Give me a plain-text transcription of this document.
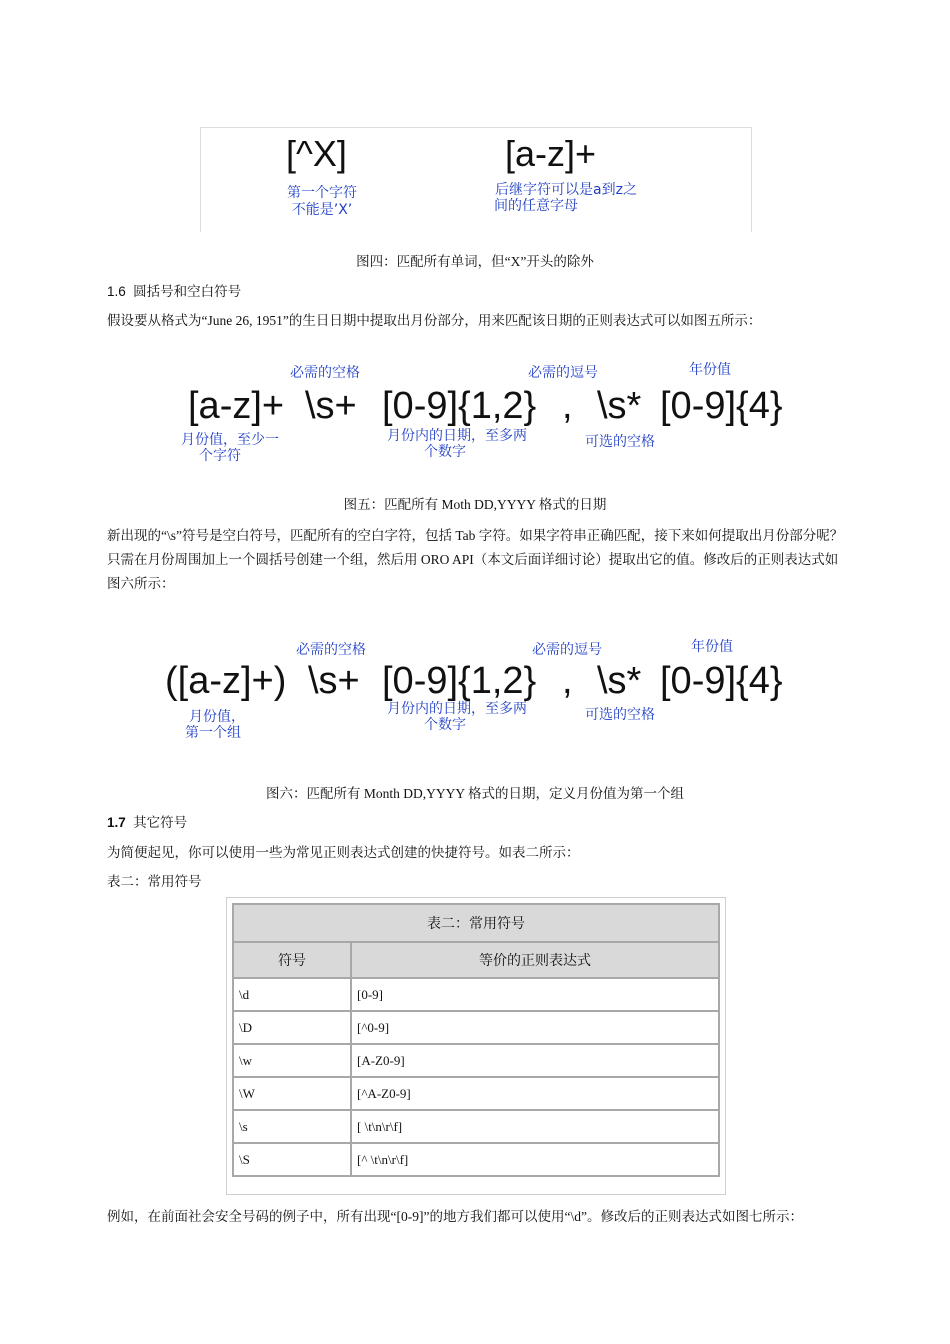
[^X]	[a-z]+
第一个字符
不能是’X’
后继字符可以是a到z之
间的任意字母
图四：匹配所有单词，但“X”开头的除外
1.6 圆括号和空白符号
假设要从格式为“June 26, 1951”的生日日期中提取出月份部分，用来匹配该日期的正则表达式可以如图五所示：
必需的空格	必需的逗号	年份值
[a-z]+ \s+ [0-9]{1,2} , \s* [0-9]{4}
月份值，至少一
个字符
月份内的日期，至多两
个数字
可选的空格
图五：匹配所有 Moth DD,YYYY 格式的日期
新出现的“\s”符号是空白符号，匹配所有的空白字符，包括 Tab 字符。如果字符串正确匹配，接下来如何提取出月份部分呢？只需在月份周围加上一个圆括号创建一个组，然后用 ORO API（本文后面详细讨论）提取出它的值。修改后的正则表达式如图六所示：
必需的空格	必需的逗号	年份值
([a-z]+) \s+ [0-9]{1,2} , \s* [0-9]{4}
月份值，
第一个组
月份内的日期，至多两
个数字
可选的空格
图六：匹配所有 Month DD,YYYY 格式的日期，定义月份值为第一个组
1.7 其它符号
为简便起见，你可以使用一些为常见正则表达式创建的快捷符号。如表二所示：
表二：常用符号
表二：常用符号	
符号	等价的正则表达式
\d	[0-9]
\D	[^0-9]
\w	[A-Z0-9]
\W	[^A-Z0-9]
\s	[ \t\n\r\f]
\S	[^ \t\n\r\f]
例如，在前面社会安全号码的例子中，所有出现“[0-9]”的地方我们都可以使用“\d”。修改后的正则表达式如图七所示：
